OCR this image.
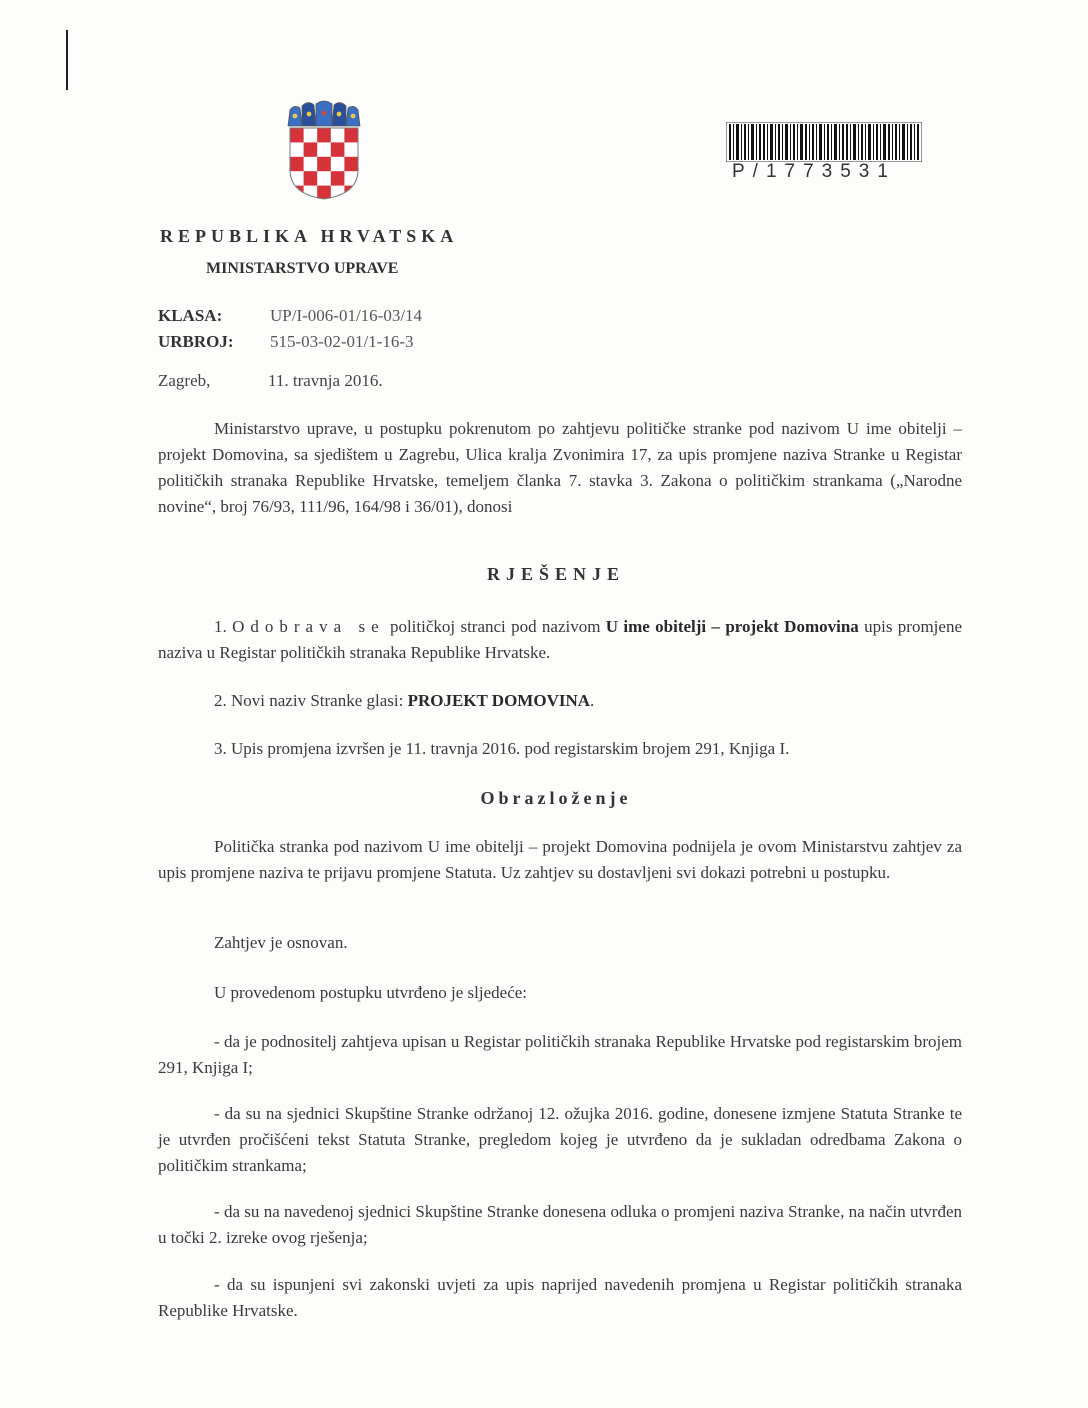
P/1773531
REPUBLIKA HRVATSKA
MINISTARSTVO UPRAVE
KLASA:	UP/I-006-01/16-03/14
URBROJ: 515-03-02-01/1-16-3
Zagreb,	11. travnja 2016.
Ministarstvo uprave, u postupku pokrenutom po zahtjevu političke stranke pod nazivom U ime obitelji – projekt Domovina, sa sjedištem u Zagrebu, Ulica kralja Zvonimira 17, za upis promjene naziva Stranke u Registar političkih stranaka Republike Hrvatske, temeljem članka 7. stavka 3. Zakona o političkim strankama („Narodne novine“, broj 76/93, 111/96, 164/98 i 36/01), donosi
RJEŠENJE
1. Odobrava se političkoj stranci pod nazivom U ime obitelji – projekt Domovina upis promjene naziva u Registar političkih stranaka Republike Hrvatske.
2. Novi naziv Stranke glasi: PROJEKT DOMOVINA.
3. Upis promjena izvršen je 11. travnja 2016. pod registarskim brojem 291, Knjiga I.
Obrazloženje
Politička stranka pod nazivom U ime obitelji – projekt Domovina podnijela je ovom Ministarstvu zahtjev za upis promjene naziva te prijavu promjene Statuta. Uz zahtjev su dostavljeni svi dokazi potrebni u postupku.
Zahtjev je osnovan.
U provedenom postupku utvrđeno je sljedeće:
- da je podnositelj zahtjeva upisan u Registar političkih stranaka Republike Hrvatske pod registarskim brojem 291, Knjiga I;
- da su na sjednici Skupštine Stranke održanoj 12. ožujka 2016. godine, donesene izmjene Statuta Stranke te je utvrđen pročišćeni tekst Statuta Stranke, pregledom kojeg je utvrđeno da je sukladan odredbama Zakona o političkim strankama;
- da su na navedenoj sjednici Skupštine Stranke donesena odluka o promjeni naziva Stranke, na način utvrđen u točki 2. izreke ovog rješenja;
- da su ispunjeni svi zakonski uvjeti za upis naprijed navedenih promjena u Registar političkih stranaka Republike Hrvatske.
